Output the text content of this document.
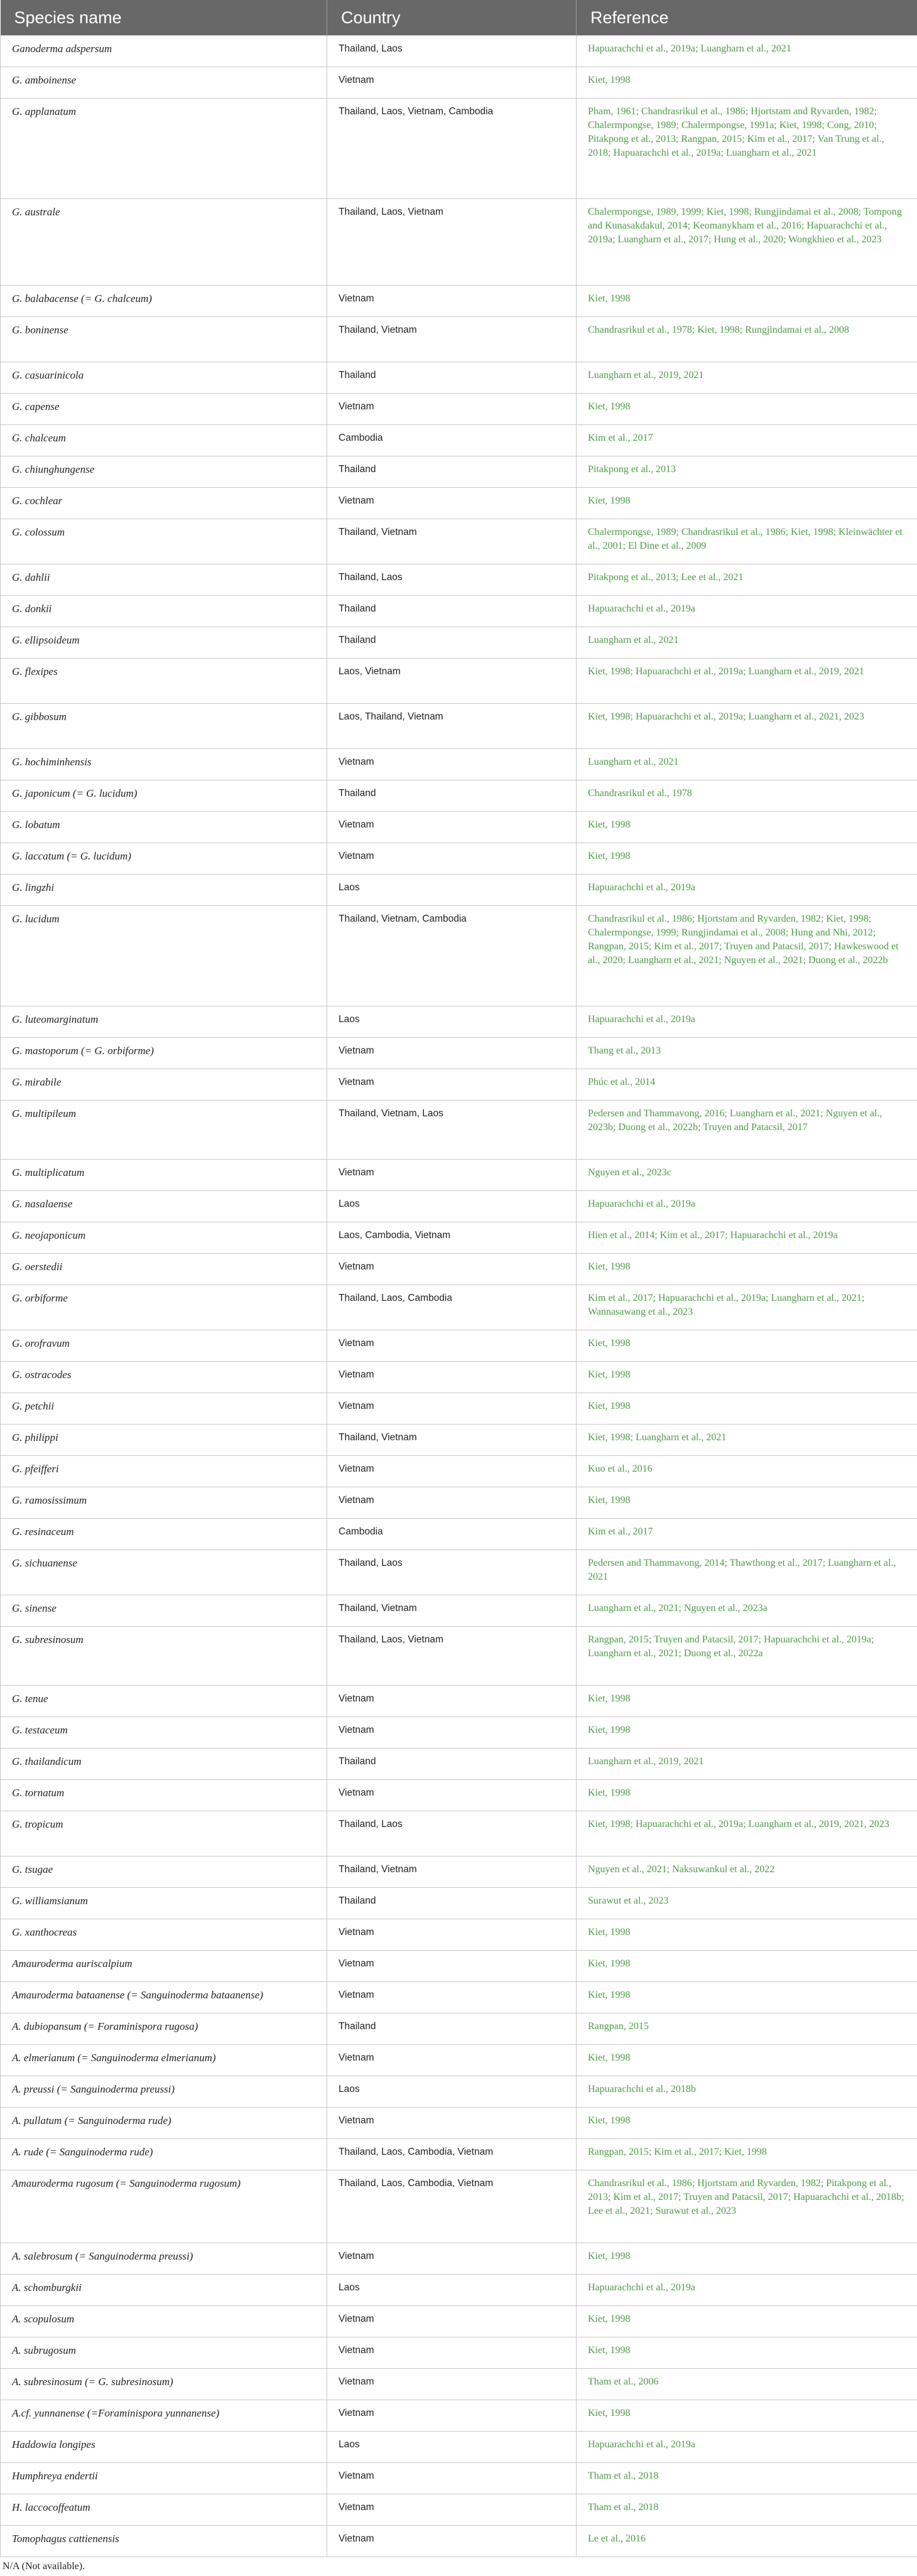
Species name	Country	Reference
Ganoderma adspersum	Thailand, Laos	Hapuarachchi et al., 2019a; Luangharn et al., 2021
G. amboinense	Vietnam	Kiet, 1998
G. applanatum	Thailand, Laos, Vietnam, Cambodia	Pham, 1961; Chandrasrikul et al., 1986; Hjortstam and Ryvarden, 1982; Chalermpongse, 1989; Chalermpongse, 1991a; Kiet, 1998; Cong, 2010; Pitakpong et al., 2013; Rangpan, 2015; Kim et al., 2017; Van Trung et al., 2018; Hapuarachchi et al., 2019a; Luangharn et al., 2021
G. australe	Thailand, Laos, Vietnam	Chalermpongse, 1989, 1999; Kiet, 1998; Rungjindamai et al., 2008; Tompong and Kunasakdakul, 2014; Keomanykham et al., 2016; Hapuarachchi et al., 2019a; Luangharn et al., 2017; Hung et al., 2020; Wongkhieo et al., 2023
G. balabacense (= G. chalceum)	Vietnam	Kiet, 1998
G. boninense	Thailand, Vietnam	Chandrasrikul et al., 1978; Kiet, 1998; Rungjindamai et al., 2008
G. casuarinicola	Thailand	Luangharn et al., 2019, 2021
G. capense	Vietnam	Kiet, 1998
G. chalceum	Cambodia	Kim et al., 2017
G. chiunghungense	Thailand	Pitakpong et al., 2013
G. cochlear	Vietnam	Kiet, 1998
G. colossum	Thailand, Vietnam	Chalermpongse, 1989; Chandrasrikul et al., 1986; Kiet, 1998; Kleinwächter et al., 2001; El Dine et al., 2009
G. dahlii	Thailand, Laos	Pitakpong et al., 2013; Lee et al., 2021
G. donkii	Thailand	Hapuarachchi et al., 2019a
G. ellipsoideum	Thailand	Luangharn et al., 2021
G. flexipes	Laos, Vietnam	Kiet, 1998; Hapuarachchi et al., 2019a; Luangharn et al., 2019, 2021
G. gibbosum	Laos, Thailand, Vietnam	Kiet, 1998; Hapuarachchi et al., 2019a; Luangharn et al., 2021, 2023
G. hochiminhensis	Vietnam	Luangharn et al., 2021
G. japonicum (= G. lucidum)	Thailand	Chandrasrikul et al., 1978
G. lobatum	Vietnam	Kiet, 1998
G. laccatum (= G. lucidum)	Vietnam	Kiet, 1998
G. lingzhi	Laos	Hapuarachchi et al., 2019a
G. lucidum	Thailand, Vietnam, Cambodia	Chandrasrikul et al., 1986; Hjortstam and Ryvarden, 1982; Kiet, 1998; Chalermpongse, 1999; Rungjindamai et al., 2008; Hung and Nhi, 2012; Rangpan, 2015; Kim et al., 2017; Truyen and Patacsil, 2017; Hawkeswood et al., 2020; Luangharn et al., 2021; Nguyen et al., 2021; Duong et al., 2022b
G. luteomarginatum	Laos	Hapuarachchi et al., 2019a
G. mastoporum (= G. orbiforme)	Vietnam	Thang et al., 2013
G. mirabile	Vietnam	Phúc et al., 2014
G. multipileum	Thailand, Vietnam, Laos	Pedersen and Thammavong, 2016; Luangharn et al., 2021; Nguyen et al., 2023b; Duong et al., 2022b; Truyen and Patacsil, 2017
G. multiplicatum	Vietnam	Nguyen et al., 2023c
G. nasalaense	Laos	Hapuarachchi et al., 2019a
G. neojaponicum	Laos, Cambodia, Vietnam	Hien et al., 2014; Kim et al., 2017; Hapuarachchi et al., 2019a
G. oerstedii	Vietnam	Kiet, 1998
G. orbiforme	Thailand, Laos, Cambodia	Kim et al., 2017; Hapuarachchi et al., 2019a; Luangharn et al., 2021; Wannasawang et al., 2023
G. orofravum	Vietnam	Kiet, 1998
G. ostracodes	Vietnam	Kiet, 1998
G. petchii	Vietnam	Kiet, 1998
G. philippi	Thailand, Vietnam	Kiet, 1998; Luangharn et al., 2021
G. pfeifferi	Vietnam	Kuo et al., 2016
G. ramosissimum	Vietnam	Kiet, 1998
G. resinaceum	Cambodia	Kim et al., 2017
G. sichuanense	Thailand, Laos	Pedersen and Thammavong, 2014; Thawthong et al., 2017; Luangharn et al., 2021
G. sinense	Thailand, Vietnam	Luangharn et al., 2021; Nguyen et al., 2023a
G. subresinosum	Thailand, Laos, Vietnam	Rangpan, 2015; Truyen and Patacsil, 2017; Hapuarachchi et al., 2019a; Luangharn et al., 2021; Duong et al., 2022a
G. tenue	Vietnam	Kiet, 1998
G. testaceum	Vietnam	Kiet, 1998
G. thailandicum	Thailand	Luangharn et al., 2019, 2021
G. tornatum	Vietnam	Kiet, 1998
G. tropicum	Thailand, Laos	Kiet, 1998; Hapuarachchi et al., 2019a; Luangharn et al., 2019, 2021, 2023
G. tsugae	Thailand, Vietnam	Nguyen et al., 2021; Naksuwankul et al., 2022
G. williamsianum	Thailand	Surawut et al., 2023
G. xanthocreas	Vietnam	Kiet, 1998
Amauroderma auriscalpium	Vietnam	Kiet, 1998
Amauroderma bataanense (= Sanguinoderma bataanense)	Vietnam	Kiet, 1998
A. dubiopansum (= Foraminispora rugosa)	Thailand	Rangpan, 2015
A. elmerianum (= Sanguinoderma elmerianum)	Vietnam	Kiet, 1998
A. preussi (= Sanguinoderma preussi)	Laos	Hapuarachchi et al., 2018b
A. pullatum (= Sanguinoderma rude)	Vietnam	Kiet, 1998
A. rude (= Sanguinoderma rude)	Thailand, Laos, Cambodia, Vietnam	Rangpan, 2015; Kim et al., 2017; Kiet, 1998
Amauroderma rugosum (= Sanguinoderma rugosum)	Thailand, Laos, Cambodia, Vietnam	Chandrasrikul et al., 1986; Hjortstam and Ryvarden, 1982; Pitakpong et al., 2013; Kim et al., 2017; Truyen and Patacsil, 2017; Hapuarachchi et al., 2018b; Lee et al., 2021; Surawut et al., 2023
A. salebrosum (= Sanguinoderma preussi)	Vietnam	Kiet, 1998
A. schomburgkii	Laos	Hapuarachchi et al., 2019a
A. scopulosum	Vietnam	Kiet, 1998
A. subrugosum	Vietnam	Kiet, 1998
A. subresinosum (= G. subresinosum)	Vietnam	Tham et al., 2006
A.cf. yunnanense (=Foraminispora yunnanense)	Vietnam	Kiet, 1998
Haddowia longipes	Laos	Hapuarachchi et al., 2019a
Humphreya endertii	Vietnam	Tham et al., 2018
H. laccocoffeatum	Vietnam	Tham et al., 2018
Tomophagus cattienensis	Vietnam	Le et al., 2016
N/A (Not available).
